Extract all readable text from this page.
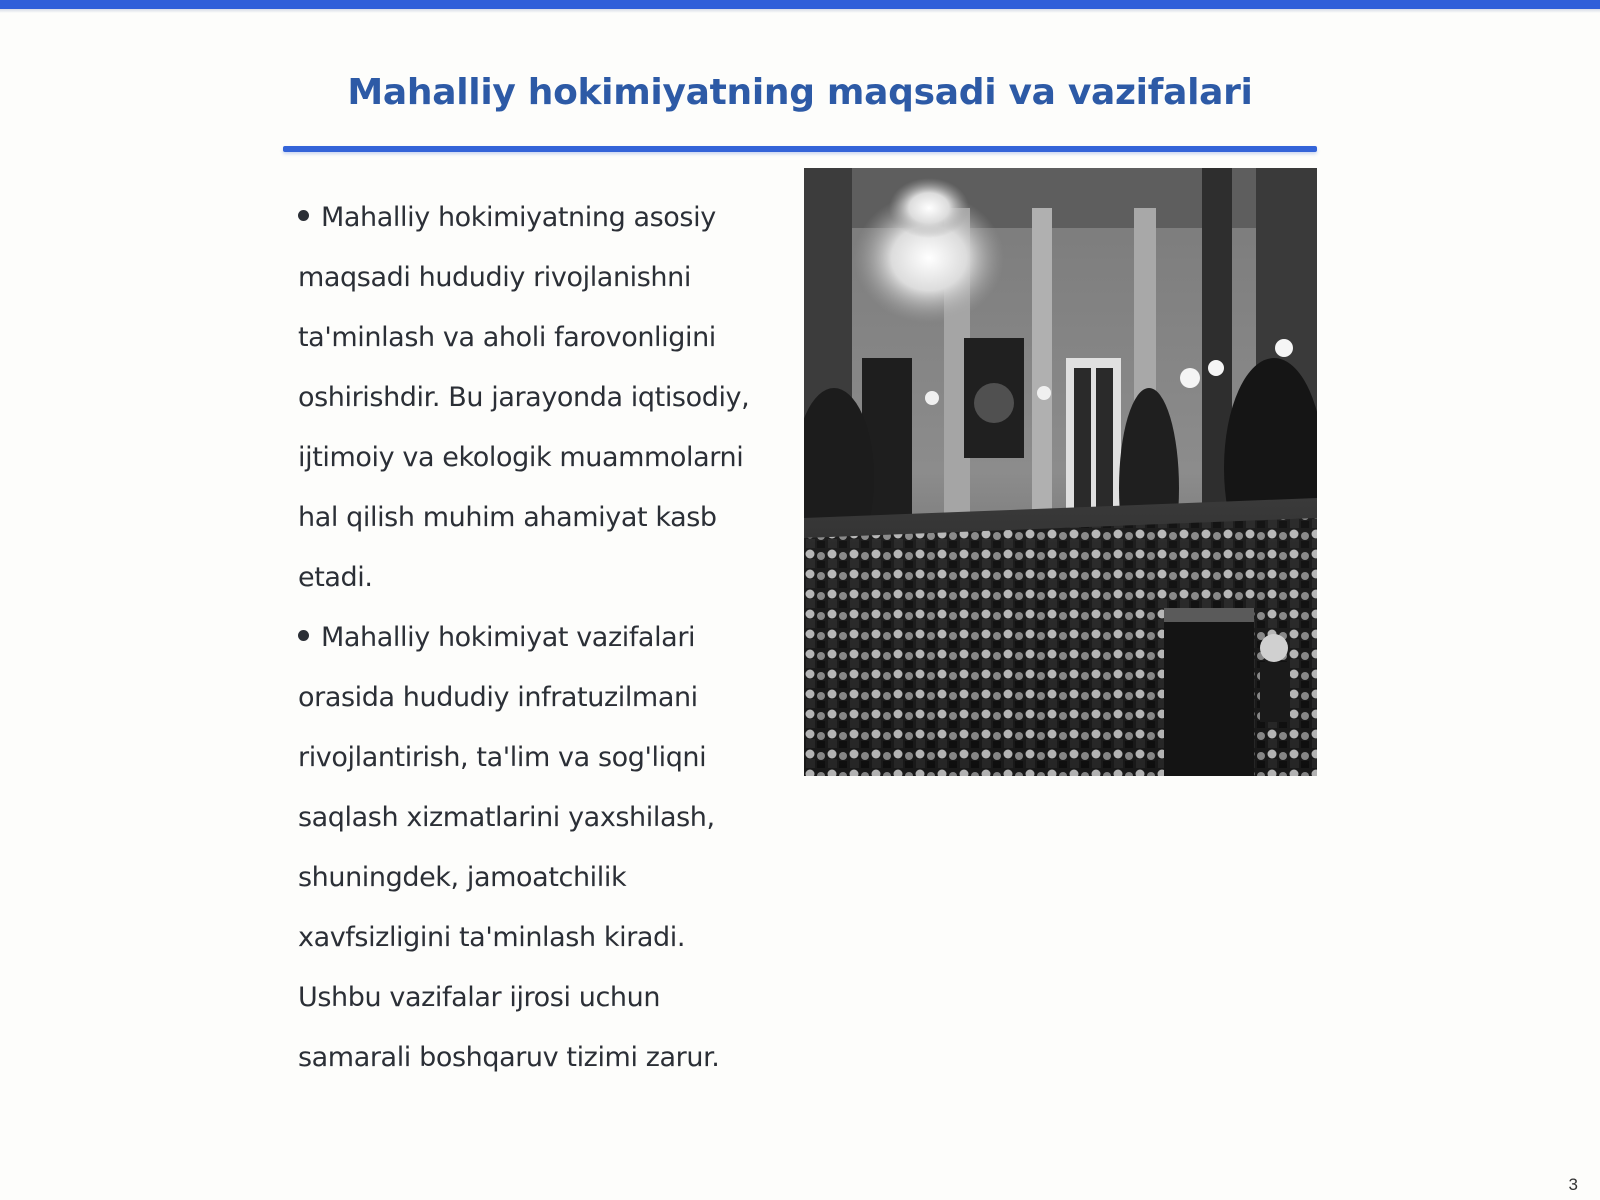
Mahalliy hokimiyatning maqsadi va vazifalari

Mahalliy hokimiyatning asosiy maqsadi hududiy rivojlanishni ta'minlash va aholi farovonligini oshirishdir. Bu jarayonda iqtisodiy, ijtimoiy va ekologik muammolarni hal qilish muhim ahamiyat kasb etadi.

Mahalliy hokimiyat vazifalari orasida hududiy infratuzilmani rivojlantirish, ta'lim va sog'liqni saqlash xizmatlarini yaxshilash, shuningdek, jamoatchilik xavfsizligini ta'minlash kiradi. Ushbu vazifalar ijrosi uchun samarali boshqaruv tizimi zarur.

3
